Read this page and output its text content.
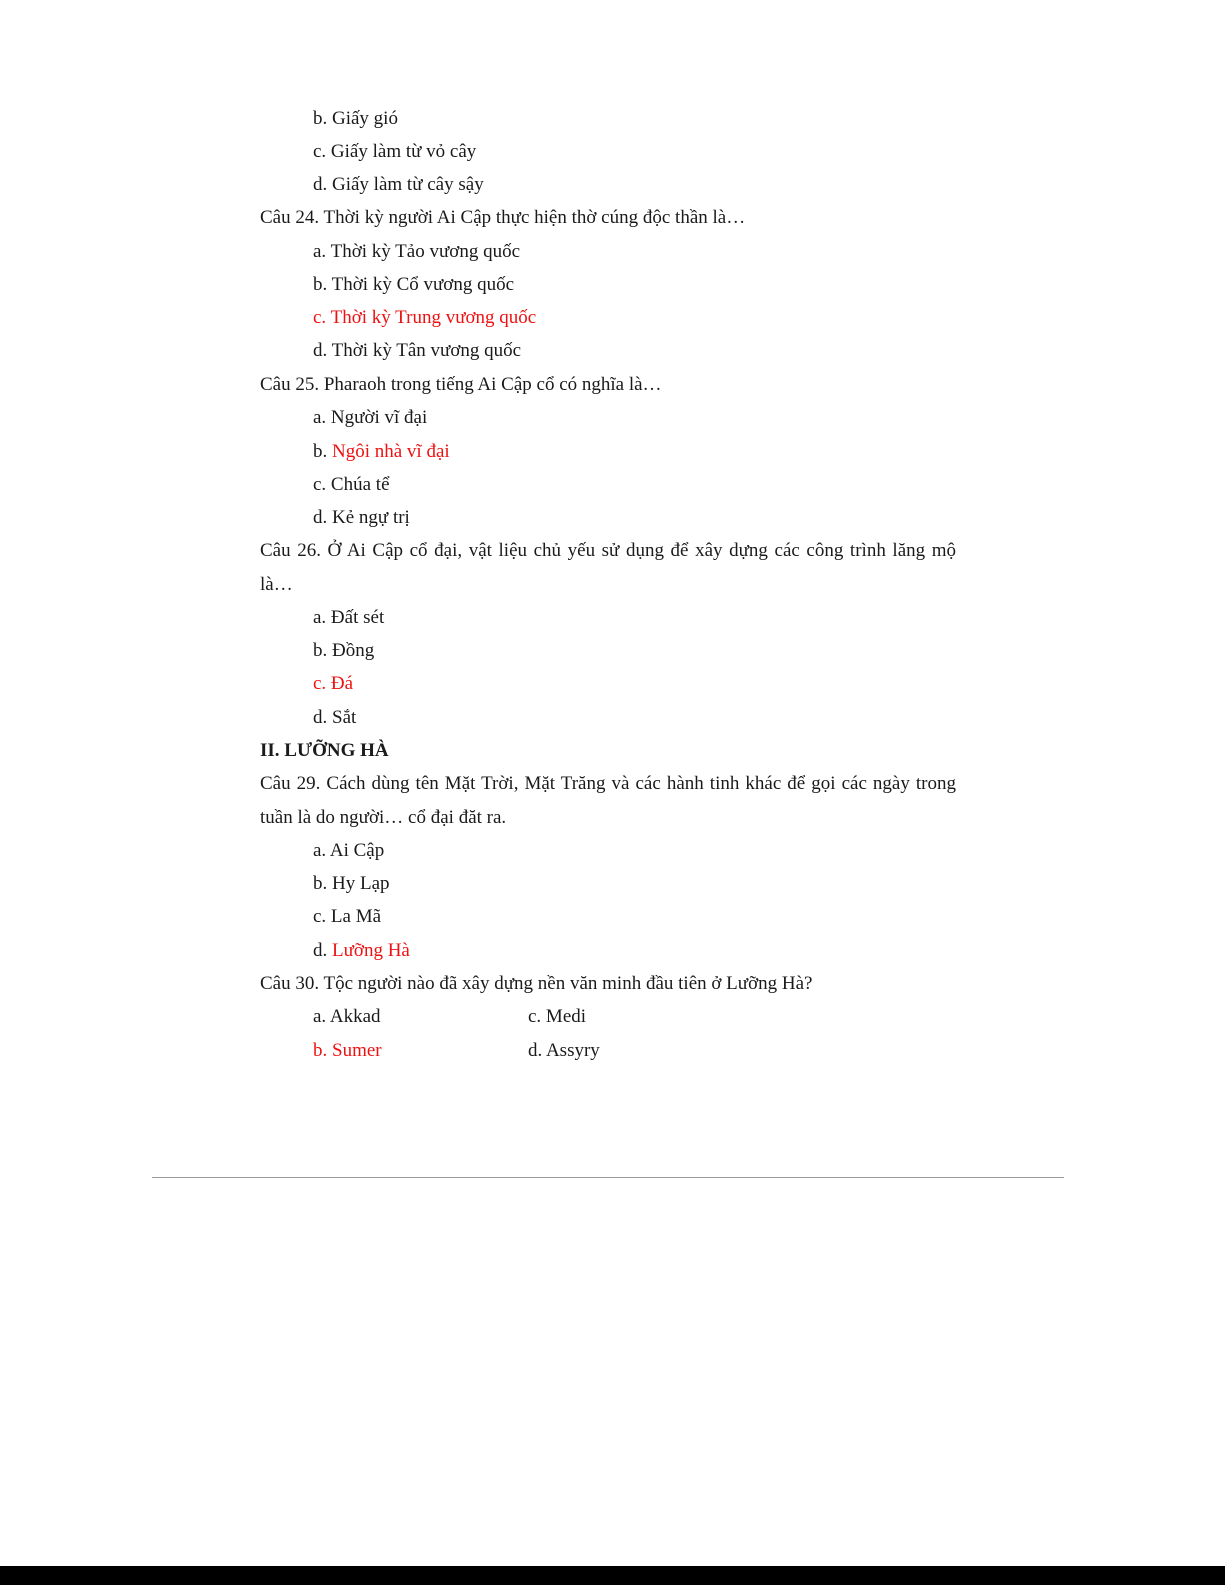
b. Giấy gió
c. Giấy làm từ vỏ cây
d. Giấy làm từ cây sậy
Câu 24. Thời kỳ người Ai Cập thực hiện thờ cúng độc thần là…
a. Thời kỳ Tảo vương quốc
b. Thời kỳ Cổ vương quốc
c. Thời kỳ Trung vương quốc
d. Thời kỳ Tân vương quốc
Câu 25. Pharaoh trong tiếng Ai Cập cổ có nghĩa là…
a. Người vĩ đại
b. Ngôi nhà vĩ đại
c. Chúa tể
d. Kẻ ngự trị
Câu 26. Ở Ai Cập cổ đại, vật liệu chủ yếu sử dụng để xây dựng các công trình lăng mộ
là…
a. Đất sét
b. Đồng
c. Đá
d. Sắt
II. LƯỠNG HÀ
Câu 29. Cách dùng tên Mặt Trời, Mặt Trăng và các hành tinh khác để gọi các ngày trong
tuần là do người… cổ đại đăt ra.
a. Ai Cập
b. Hy Lạp
c. La Mã
d. Lưỡng Hà
Câu 30. Tộc người nào đã xây dựng nền văn minh đầu tiên ở Lưỡng Hà?
a. Akkad	c. Medi
b. Sumer	d. Assyry
